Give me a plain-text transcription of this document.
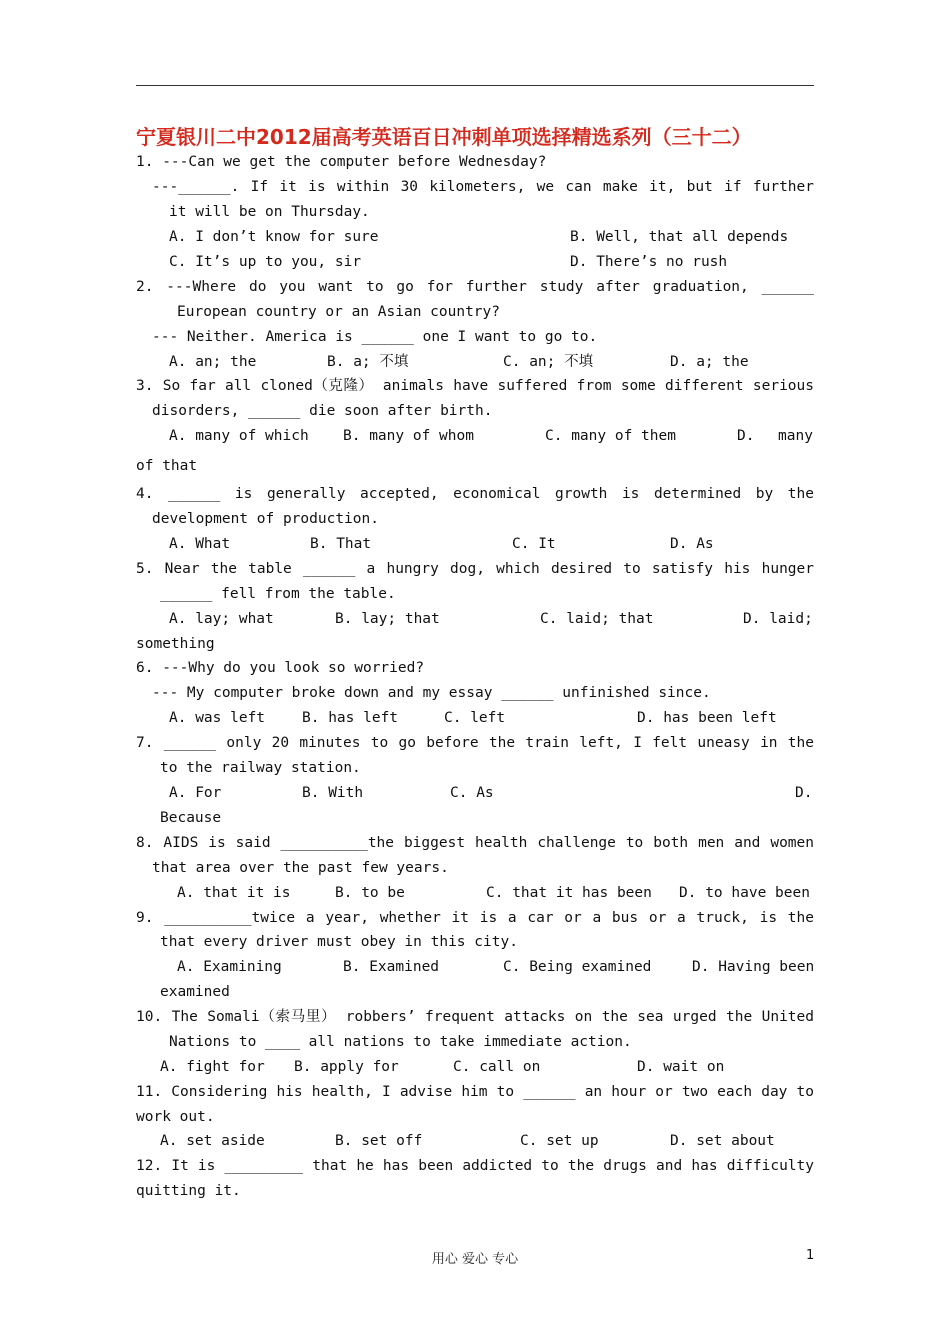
宁夏银川二中2012届高考英语百日冲刺单项选择精选系列（三十二）
1. ---Can we get the computer before Wednesday?
---______. If it is within 30 kilometers, we can make it, but if further
it will be on Thursday.
A. I don’t know for sure	B. Well, that all depends
C. It’s up to you, sir	D. There’s no rush
2. ---Where do you want to go for further study after graduation, ______
European country or an Asian country?
--- Neither. America is ______ one I want to go to.
A. an; the	B. a; 不填	C. an; 不填	D. a; the
3. So far all cloned（克隆） animals have suffered from some different serious
disorders, ______ die soon after birth.
A. many of which B. many of whom	C. many of them	D. many
of that
4. ______ is generally accepted, economical growth is determined by the
development of production.
A. What	B. That	C. It	D. As
5. Near the table ______ a hungry dog, which desired to satisfy his hunger
______ fell from the table.
A. lay; what	B. lay; that	C. laid; that	D. laid;
something
6. ---Why do you look so worried?
--- My computer broke down and my essay ______ unfinished since.
A. was left	B. has left	C. left	D. has been left
7. ______ only 20 minutes to go before the train left, I felt uneasy in the
to the railway station.
A. For	B. With	C. As	D.
Because
8. AIDS is said __________the biggest health challenge to both men and women
that area over the past few years.
A. that it is	B. to be	C. that it has been D. to have been
9. __________twice a year, whether it is a car or a bus or a truck, is the
that every driver must obey in this city.
A. Examining	B. Examined	C. Being examined	D. Having been
examined
10. The Somali（索马里） robbers’ frequent attacks on the sea urged the United
Nations to ____ all nations to take immediate action.
A. fight for B. apply for	C. call on	D. wait on
11. Considering his health, I advise him to ______ an hour or two each day to
work out.
A. set aside	B. set off	C. set up	D. set about
12. It is _________ that he has been addicted to the drugs and has difficulty
quitting it.
用心 爱心 专心	1
